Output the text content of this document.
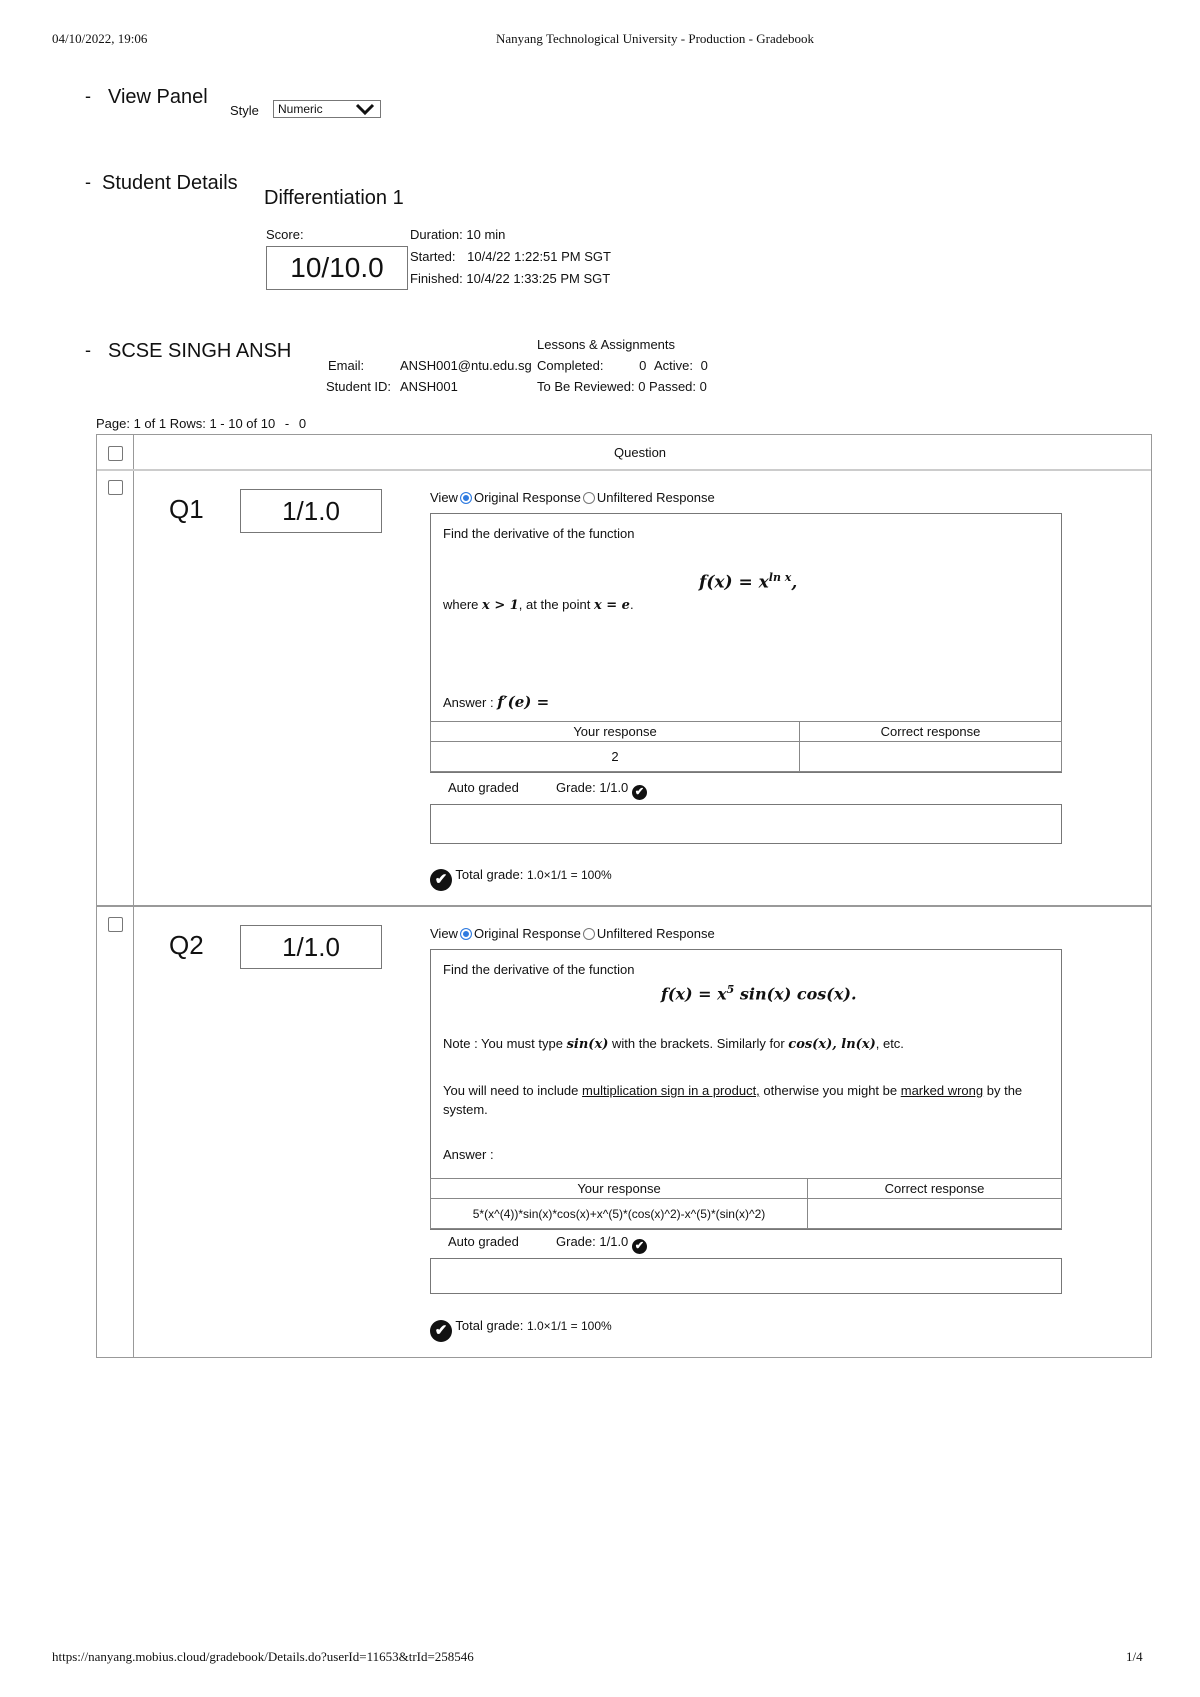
04/10/2022, 19:06	Nanyang Technological University - Production - Gradebook
- View Panel
Style	Numeric
- Student Details
Differentiation 1
Score:
10/10.0
Duration: 10 min
Started: 10/4/22 1:22:51 PM SGT
Finished: 10/4/22 1:33:25 PM SGT
- SCSE SINGH ANSH
Email:	ANSH001@ntu.edu.sg
Student ID: ANSH001
Lessons & Assignments
Completed:	0 Active: 0
To Be Reviewed: 0 Passed: 0
Page: 1 of 1 Rows: 1 - 10 of 10 - 0
Question
Q1	1/1.0	View Original Response Unfiltered Response
Find the derivative of the function
$f(x) = x^{ln x}$,
where x > 1, at the point x = e.
Answer : f′(e) =
Your response	Correct response
2	
Auto graded	Grade: 1/1.0 ✔
✔ Total grade: 1.0×1/1 = 100%
Q2	1/1.0	View Original Response Unfiltered Response
Find the derivative of the function
$f(x) = x^5$ sin(x) cos(x).
Note : You must type sin(x) with the brackets. Similarly for cos(x), ln(x), etc.
You will need to include multiplication sign in a product, otherwise you might be marked wrong by the system.
Answer :
Your response	Correct response
5*(x^(4))*sin(x)*cos(x)+x^(5)*(cos(x)^2)-x^(5)*(sin(x)^2)	
Auto graded	Grade: 1/1.0 ✔
✔ Total grade: 1.0×1/1 = 100%
https://nanyang.mobius.cloud/gradebook/Details.do?userId=11653&trId=258546	1/4
